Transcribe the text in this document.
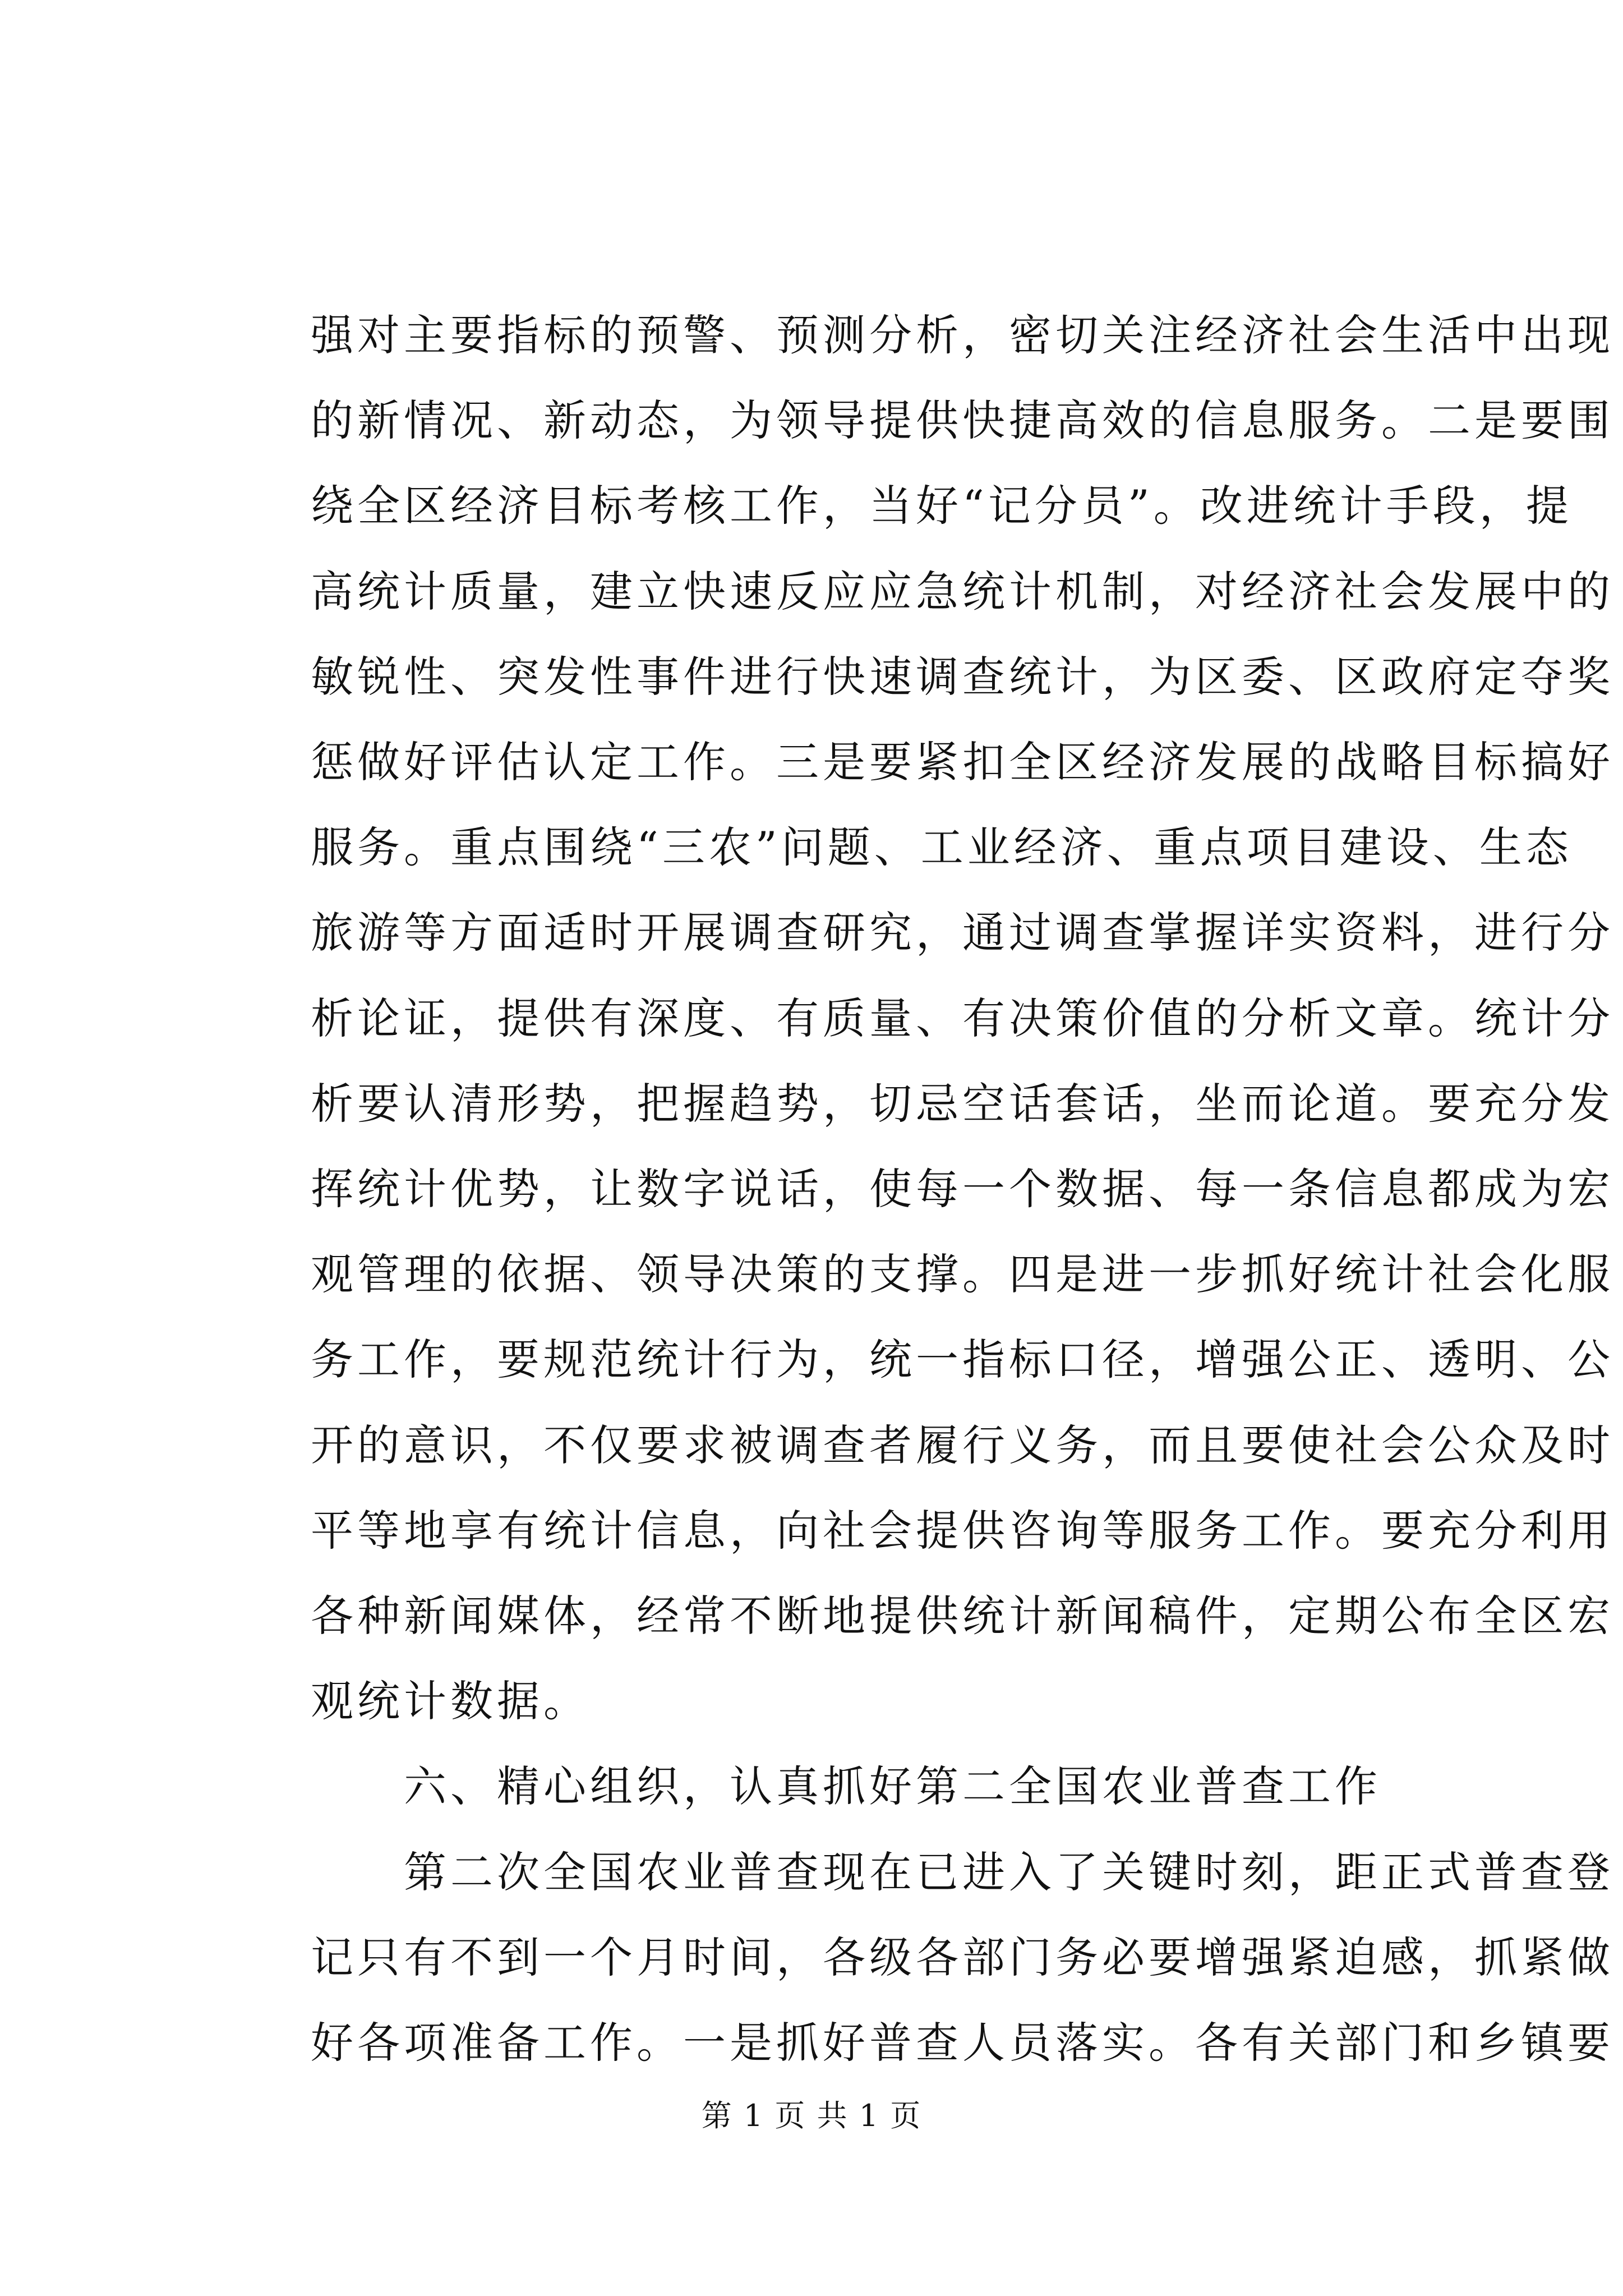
强对主要指标的预警、预测分析，密切关注经济社会生活中出现
的新情况、新动态，为领导提供快捷高效的信息服务。二是要围
绕全区经济目标考核工作，当好“记分员”。改进统计手段，提
高统计质量，建立快速反应应急统计机制，对经济社会发展中的
敏锐性、突发性事件进行快速调查统计，为区委、区政府定夺奖
惩做好评估认定工作。三是要紧扣全区经济发展的战略目标搞好
服务。重点围绕“三农”问题、工业经济、重点项目建设、生态
旅游等方面适时开展调查研究，通过调查掌握详实资料，进行分
析论证，提供有深度、有质量、有决策价值的分析文章。统计分
析要认清形势，把握趋势，切忌空话套话，坐而论道。要充分发
挥统计优势，让数字说话，使每一个数据、每一条信息都成为宏
观管理的依据、领导决策的支撑。四是进一步抓好统计社会化服
务工作，要规范统计行为，统一指标口径，增强公正、透明、公
开的意识，不仅要求被调查者履行义务，而且要使社会公众及时
平等地享有统计信息，向社会提供咨询等服务工作。要充分利用
各种新闻媒体，经常不断地提供统计新闻稿件，定期公布全区宏
观统计数据。
　　六、精心组织，认真抓好第二全国农业普查工作
　　第二次全国农业普查现在已进入了关键时刻，距正式普查登
记只有不到一个月时间，各级各部门务必要增强紧迫感，抓紧做
好各项准备工作。一是抓好普查人员落实。各有关部门和乡镇要
第 1 页 共 1 页
